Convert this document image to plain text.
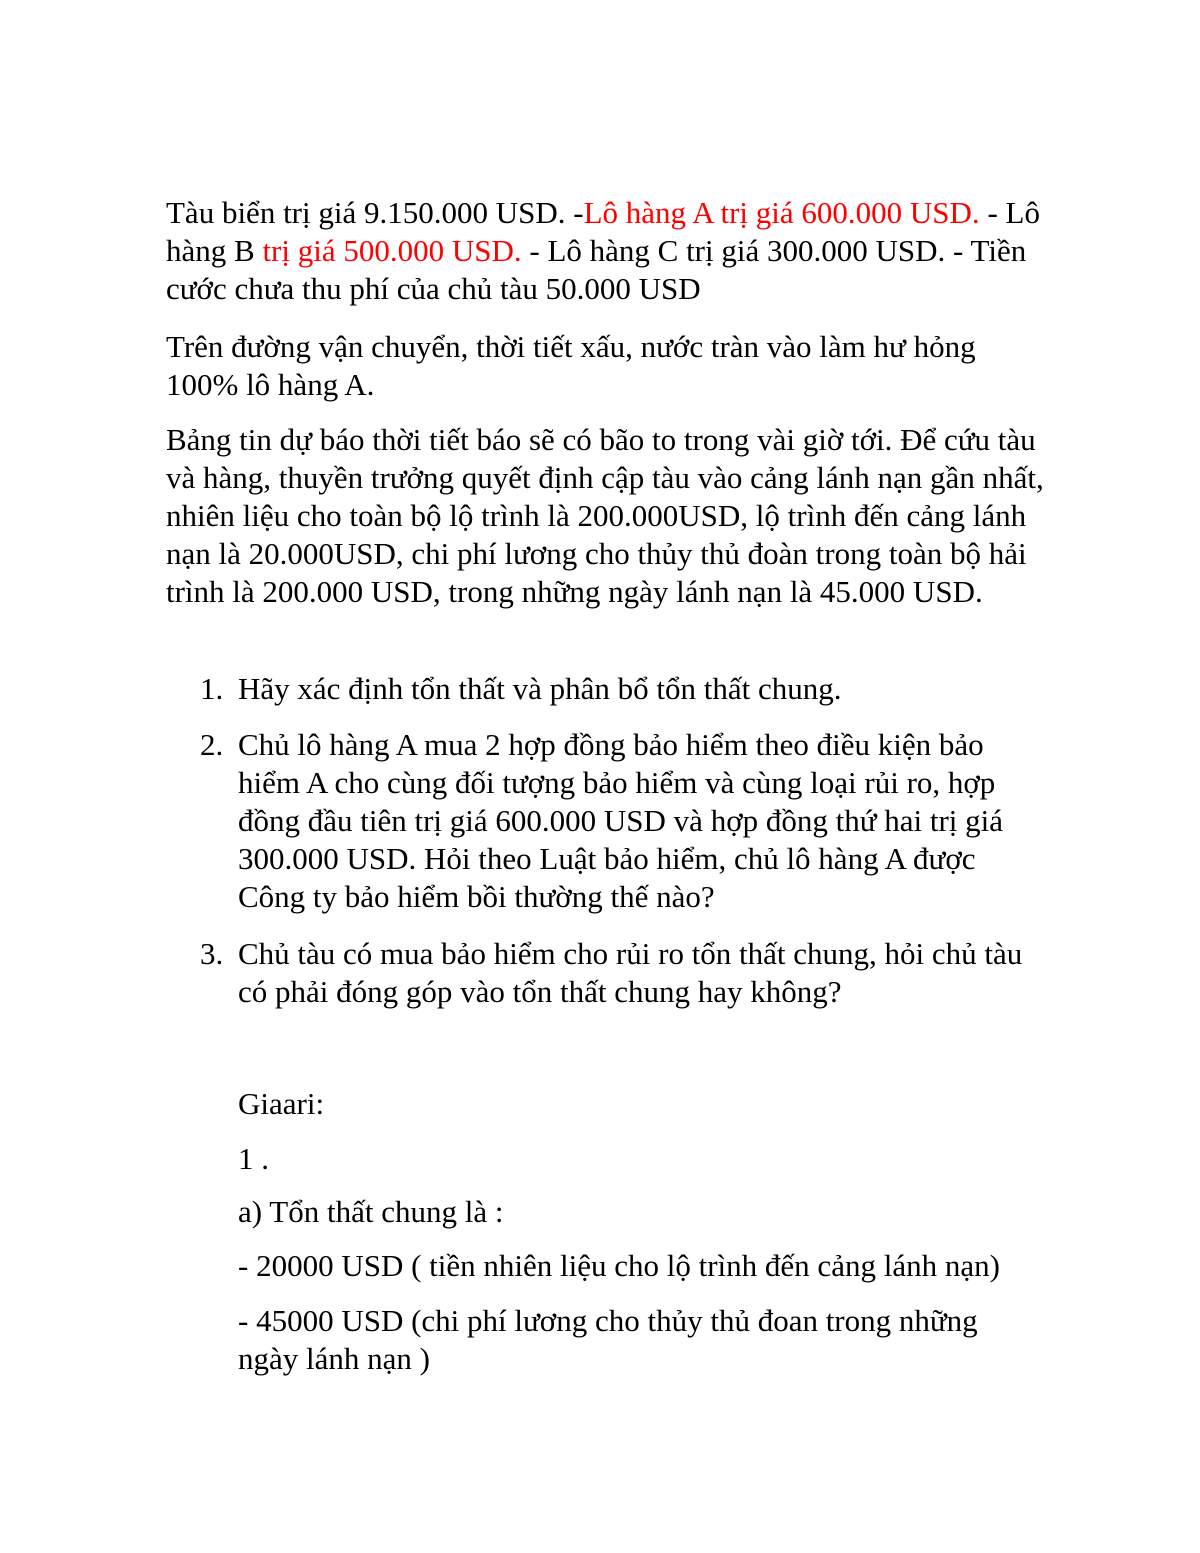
Tàu biển trị giá 9.150.000 USD. -Lô hàng A trị giá 600.000 USD. - Lô hàng B trị giá 500.000 USD. - Lô hàng C trị giá 300.000 USD. - Tiền cước chưa thu phí của chủ tàu 50.000 USD

Trên đường vận chuyển, thời tiết xấu, nước tràn vào làm hư hỏng 100% lô hàng A.

Bảng tin dự báo thời tiết báo sẽ có bão to trong vài giờ tới. Để cứu tàu và hàng, thuyền trưởng quyết định cập tàu vào cảng lánh nạn gần nhất, nhiên liệu cho toàn bộ lộ trình là 200.000USD, lộ trình đến cảng lánh nạn là 20.000USD, chi phí lương cho thủy thủ đoàn trong toàn bộ hải trình là 200.000 USD, trong những ngày lánh nạn là 45.000 USD.

1. Hãy xác định tổn thất và phân bổ tổn thất chung.
2. Chủ lô hàng A mua 2 hợp đồng bảo hiểm theo điều kiện bảo hiểm A cho cùng đối tượng bảo hiểm và cùng loại rủi ro, hợp đồng đầu tiên trị giá 600.000 USD và hợp đồng thứ hai trị giá 300.000 USD. Hỏi theo Luật bảo hiểm, chủ lô hàng A được Công ty bảo hiểm bồi thường thế nào?
3. Chủ tàu có mua bảo hiểm cho rủi ro tổn thất chung, hỏi chủ tàu có phải đóng góp vào tổn thất chung hay không?

Giaari:

1 .

a) Tổn thất chung là :

- 20000 USD ( tiền nhiên liệu cho lộ trình đến cảng lánh nạn)

- 45000 USD (chi phí lương cho thủy thủ đoan trong những ngày lánh nạn )
